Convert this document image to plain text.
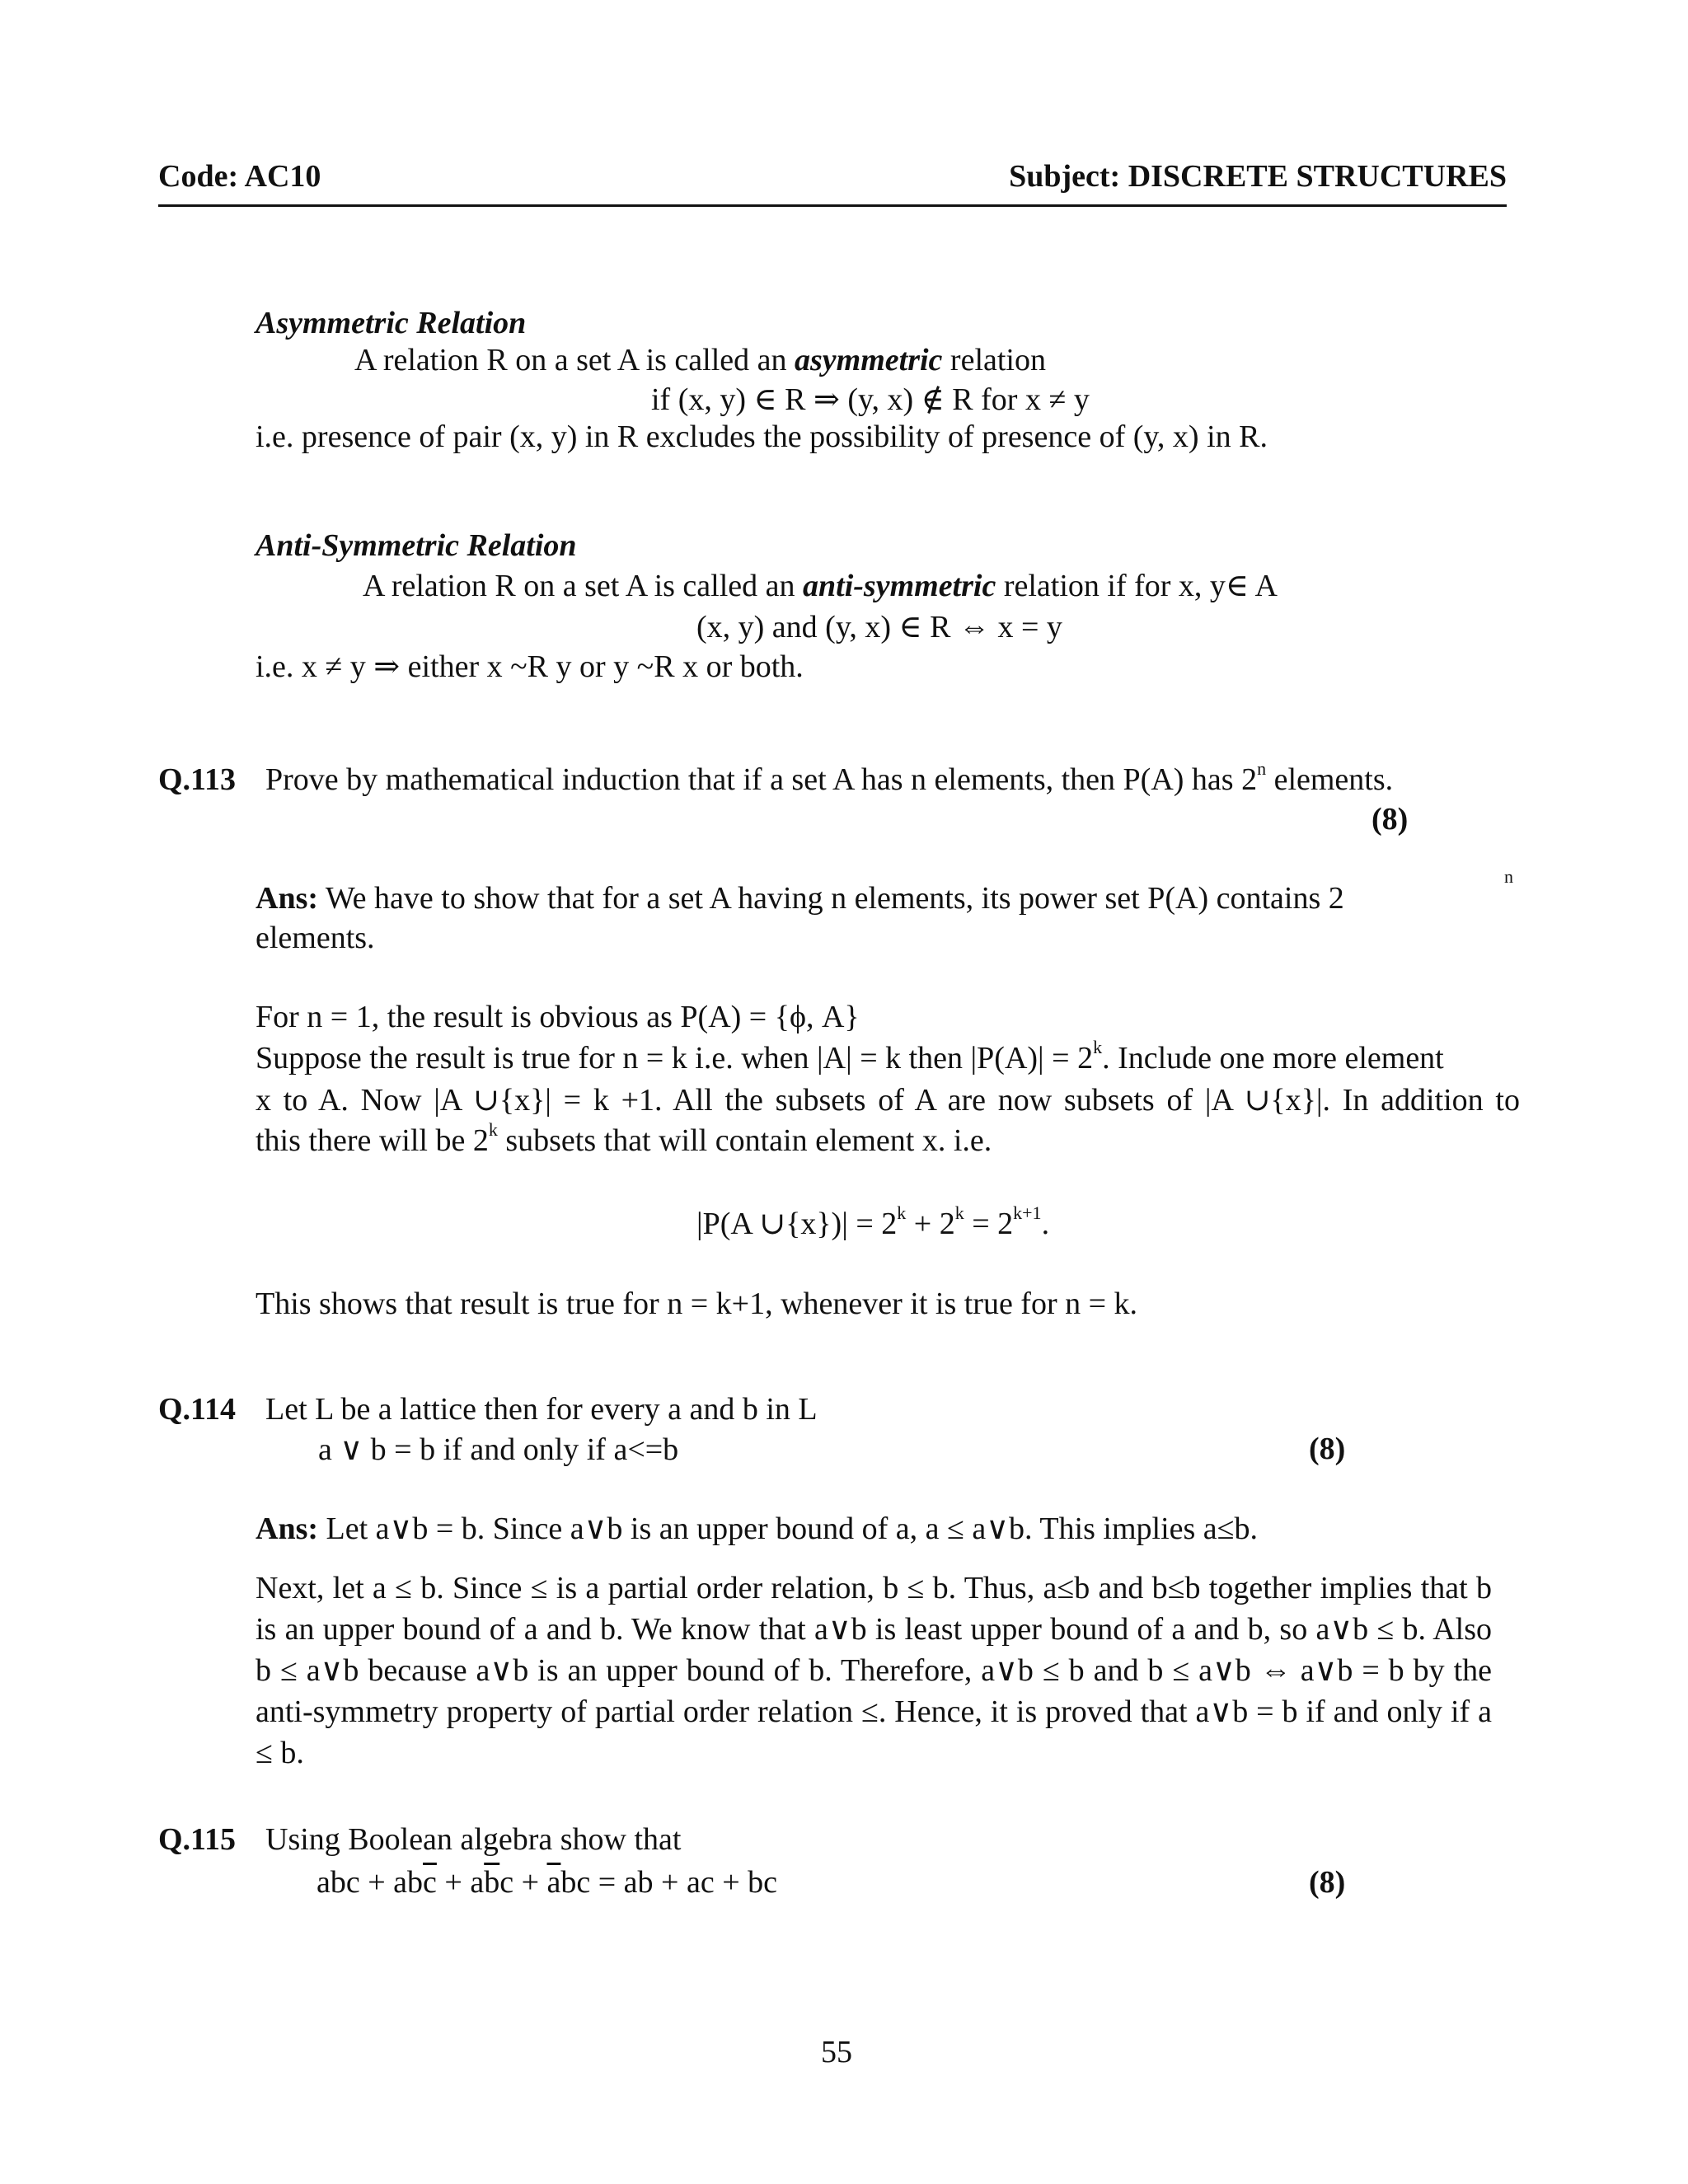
Code: AC10	Subject: DISCRETE STRUCTURES
Asymmetric Relation
A relation R on a set A is called an asymmetric relation
if (x, y) ∈ R ⇒ (y, x) ∉ R for x ≠ y
i.e. presence of pair (x, y) in R excludes the possibility of presence of (y, x) in R.
Anti-Symmetric Relation
A relation R on a set A is called an anti-symmetric relation if for x, y∈ A
(x, y) and (y, x) ∈ R ⇔ x = y
i.e. x ≠ y ⇒ either x ~R y or y ~R x or both.
Q.113 Prove by mathematical induction that if a set A has n elements, then P(A) has 2$^n$ elements.
(8)
Ans: We have to show that for a set A having n elements, its power set P(A) contains 2
$^n$
elements.
For n = 1, the result is obvious as P(A) = {ϕ, A}
Suppose the result is true for n = k i.e. when |A| = k then $|P(A)| = 2^k$. Include one more element
x to A. Now |A ∪{x}| = k +1. All the subsets of A are now subsets of |A ∪{x}|. In addition to
this there will be 2$^k$ subsets that will contain element x. i.e.
|P(A ∪{x})| = $2^k + 2^k = 2^{k+1}$.
This shows that result is true for n = k+1, whenever it is true for n = k.
Q.114 Let L be a lattice then for every a and b in L
a ∨ b = b if and only if a<=b	(8)
Ans: Let a∨b = b. Since a∨b is an upper bound of a, a ≤ a∨b. This implies a≤b.
Next, let a ≤ b. Since ≤ is a partial order relation, b ≤ b. Thus, a≤b and b≤b together implies that b is an upper bound of a and b. We know that a∨b is least upper bound of a and b, so a∨b ≤ b. Also b ≤ a∨b because a∨b is an upper bound of b. Therefore, a∨b ≤ b and b ≤ a∨b ⇔ a∨b = b by the anti-symmetry property of partial order relation ≤. Hence, it is proved that a∨b = b if and only if a ≤ b.
Q.115 Using Boolean algebra show that
abc + $ab\overline{c} + a\overline{b}c + \overline{a}bc$ = ab + ac + bc	(8)
55
